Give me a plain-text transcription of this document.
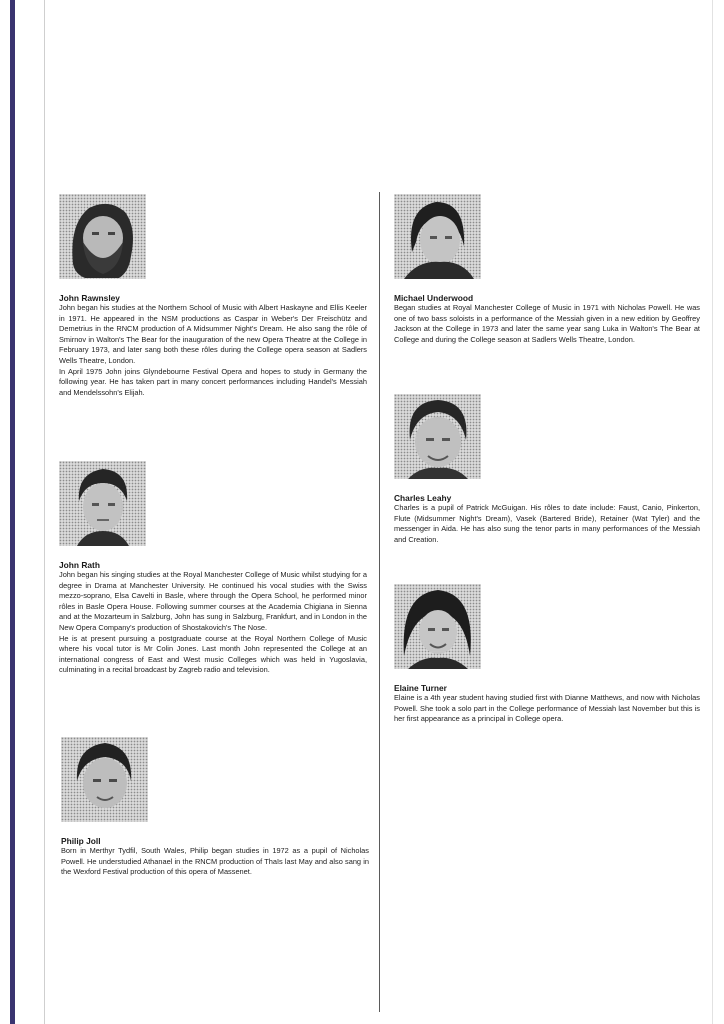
John Rawnsley

John began his studies at the Northern School of Music with Albert Haskayne and Ellis Keeler in 1971. He appeared in the NSM productions as Caspar in Weber's Der Freischütz and Demetrius in the RNCM production of A Midsummer Night's Dream. He also sang the rôle of Smirnov in Walton's The Bear for the inauguration of the new Opera Theatre at the College in February 1973, and later sang both these rôles during the College opera season at Sadlers Wells Theatre, London.

In April 1975 John joins Glyndebourne Festival Opera and hopes to study in Germany the following year. He has taken part in many concert performances including Handel's Messiah and Mendelssohn's Elijah.

John Rath

John began his singing studies at the Royal Manchester College of Music whilst studying for a degree in Drama at Manchester University. He continued his vocal studies with the Swiss mezzo-soprano, Elsa Cavelti in Basle, where through the Opera School, he performed minor rôles in Basle Opera House. Following summer courses at the Academia Chigiana in Sienna and at the Mozarteum in Salzburg, John has sung in Salzburg, Frankfurt, and in London in the New Opera Company's production of Shostakovich's The Nose.

He is at present pursuing a postgraduate course at the Royal Northern College of Music where his vocal tutor is Mr Colin Jones. Last month John represented the College at an international congress of East and West music Colleges which was held in Yugoslavia, culminating in a recital broadcast by Zagreb radio and television.

Philip Joll

Born in Merthyr Tydfil, South Wales, Philip began studies in 1972 as a pupil of Nicholas Powell. He understudied Athanael in the RNCM production of Thaïs last May and also sang in the Wexford Festival production of this opera of Massenet.

Michael Underwood

Began studies at Royal Manchester College of Music in 1971 with Nicholas Powell. He was one of two bass soloists in a performance of the Messiah given in a new edition by Geoffrey Jackson at the College in 1973 and later the same year sang Luka in Walton's The Bear at College and during the College season at Sadlers Wells Theatre, London.

Charles Leahy

Charles is a pupil of Patrick McGuigan. His rôles to date include: Faust, Canio, Pinkerton, Flute (Midsummer Night's Dream), Vasek (Bartered Bride), Retainer (Wat Tyler) and the messenger in Aida. He has also sung the tenor parts in many performances of the Messiah and Creation.

Elaine Turner

Elaine is a 4th year student having studied first with Dianne Matthews, and now with Nicholas Powell. She took a solo part in the College performance of Messiah last November but this is her first appearance as a principal in College opera.
